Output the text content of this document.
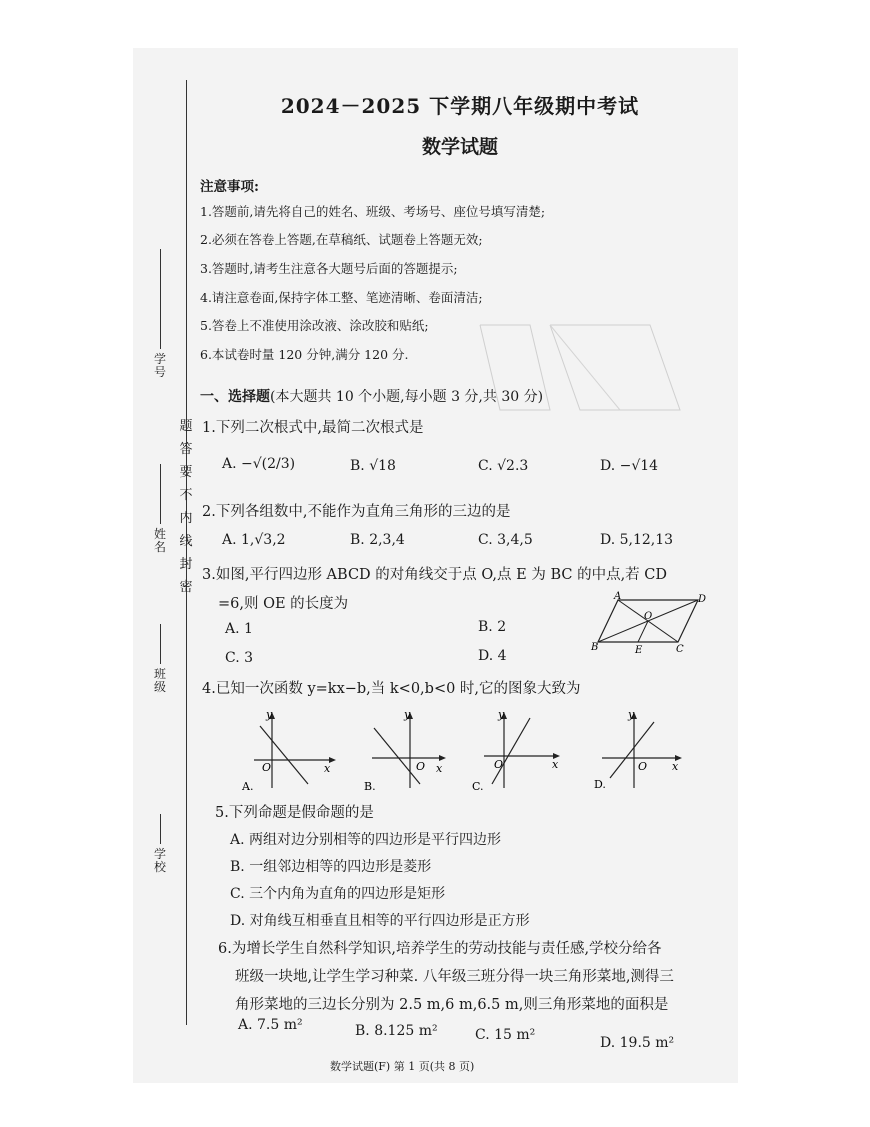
题
答
要
不
内
线
封
密
学号
姓名
班级
学校
2024－2025 下学期八年级期中考试
数学试题
注意事项:
1.答题前,请先将自己的姓名、班级、考场号、座位号填写清楚;
2.必须在答卷上答题,在草稿纸、试题卷上答题无效;
3.答题时,请考生注意各大题号后面的答题提示;
4.请注意卷面,保持字体工整、笔迹清晰、卷面清洁;
5.答卷上不准使用涂改液、涂改胶和贴纸;
6.本试卷时量 120 分钟,满分 120 分.
一、选择题(本大题共 10 个小题,每小题 3 分,共 30 分)
1.下列二次根式中,最简二次根式是
A. −√(2/3)	B. √18	C. √2.3	D. −√14
2.下列各组数中,不能作为直角三角形的三边的是
A. 1,√3,2	B. 2,3,4	C. 3,4,5	D. 5,12,13
3.如图,平行四边形 ABCD 的对角线交于点 O,点 E 为 BC 的中点,若 CD
=6,则 OE 的长度为
A. 1	B. 2
C. 3	D. 4
A	D
O
B	E	C
4.已知一次函数 y=kx−b,当 k<0,b<0 时,它的图象大致为
y
x
O
A.
y
x
O
B.
y
x
O
C.
y
x
O
D.
5.下列命题是假命题的是
A. 两组对边分别相等的四边形是平行四边形
B. 一组邻边相等的四边形是菱形
C. 三个内角为直角的四边形是矩形
D. 对角线互相垂直且相等的平行四边形是正方形
6.为增长学生自然科学知识,培养学生的劳动技能与责任感,学校分给各
班级一块地,让学生学习种菜. 八年级三班分得一块三角形菜地,测得三
角形菜地的三边长分别为 2.5 m,6 m,6.5 m,则三角形菜地的面积是
A. 7.5 m²	B. 8.125 m²	C. 15 m²	D. 19.5 m²
数学试题(F) 第 1 页(共 8 页)
